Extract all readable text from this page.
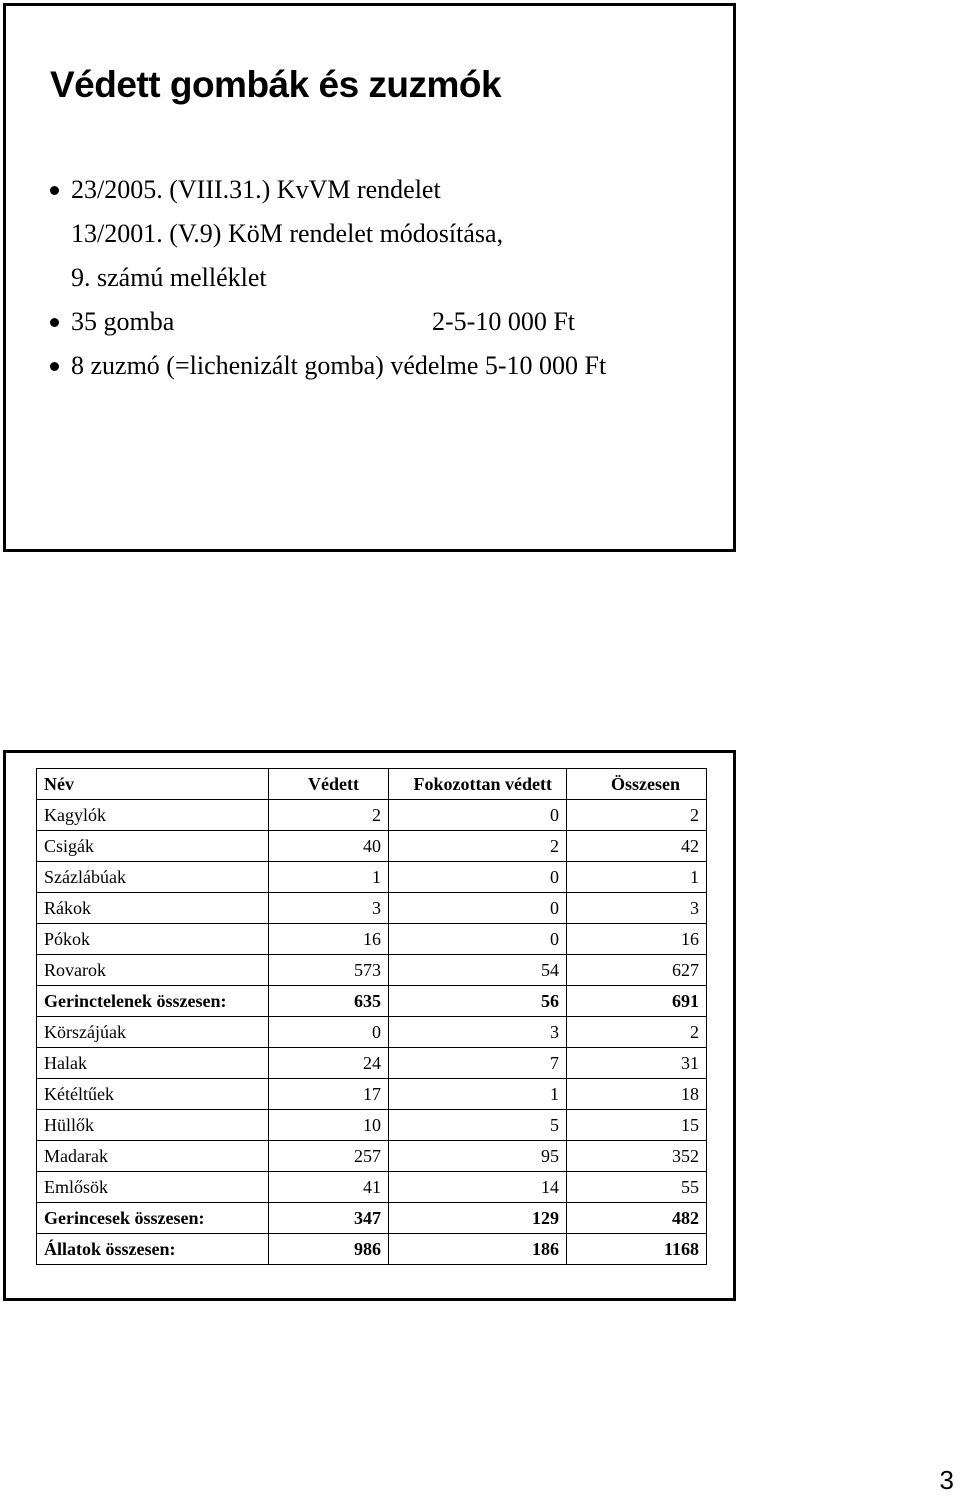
Védett gombák és zuzmók
23/2005. (VIII.31.) KvVM rendelet
13/2001. (V.9) KöM rendelet módosítása,
9. számú melléklet
35 gomba	2-5-10 000 Ft
8 zuzmó (=lichenizált gomba) védelme 5-10 000 Ft
Név	Védett	Fokozottan védett	Összesen
Kagylók	2	0	2
Csigák	40	2	42
Százlábúak	1	0	1
Rákok	3	0	3
Pókok	16	0	16
Rovarok	573	54	627
Gerinctelenek összesen:	635	56	691
Körszájúak	0	3	2
Halak	24	7	31
Kétéltűek	17	1	18
Hüllők	10	5	15
Madarak	257	95	352
Emlősök	41	14	55
Gerincesek összesen:	347	129	482
Állatok összesen:	986	186	1168
3
